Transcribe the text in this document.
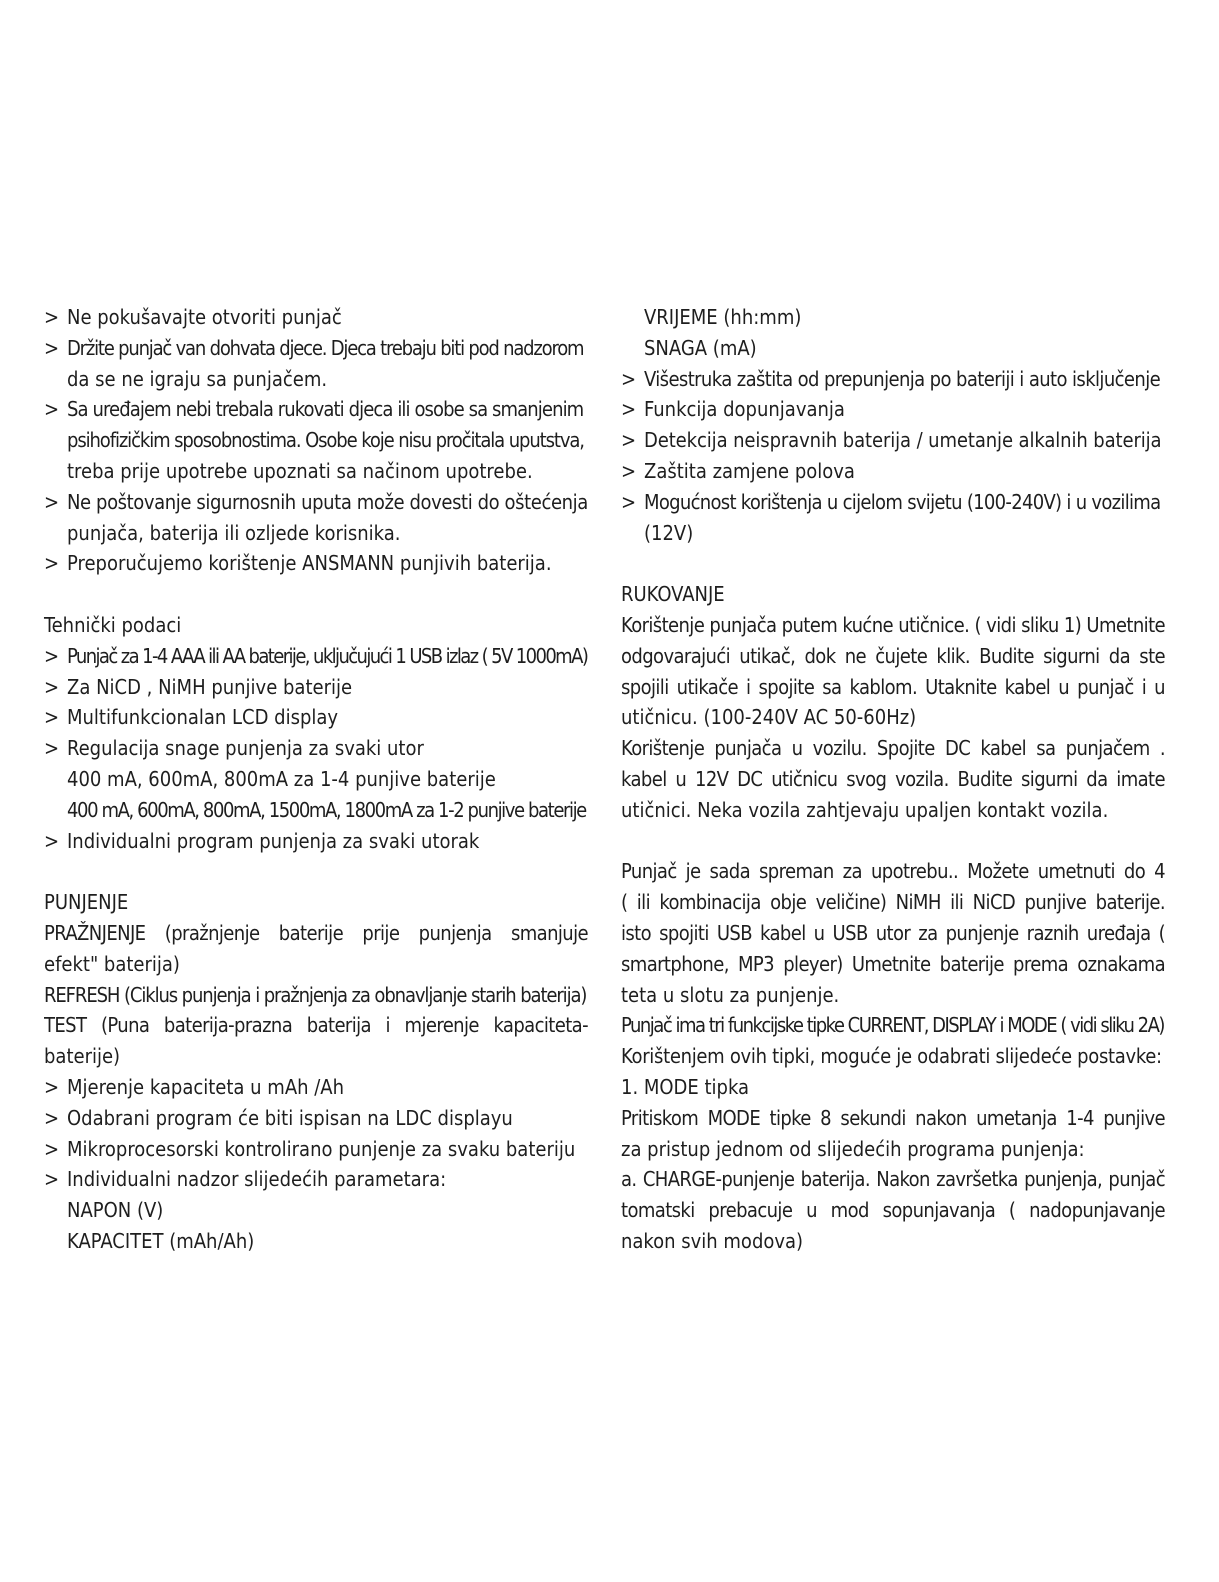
> Ne pokušavajte otvoriti punjač
> Držite punjač van dohvata djece. Djeca trebaju biti pod nadzorom
da se ne igraju sa punjačem.
> Sa uređajem nebi trebala rukovati djeca ili osobe sa smanjenim
psihofizičkim sposobnostima. Osobe koje nisu pročitala uputstva,
treba prije upotrebe upoznati sa načinom upotrebe.
> Ne poštovanje sigurnosnih uputa može dovesti do oštećenja
punjača, baterija ili ozljede korisnika.
> Preporučujemo korištenje ANSMANN punjivih baterija.
Tehnički podaci
> Punjač za 1-4 AAA ili AA baterije, uključujući 1 USB izlaz ( 5V 1000mA)
> Za NiCD , NiMH punjive baterije
> Multifunkcionalan LCD display
> Regulacija snage punjenja za svaki utor
400 mA, 600mA, 800mA za 1-4 punjive baterije
400 mA, 600mA, 800mA, 1500mA, 1800mA za 1-2 punjive baterije
> Individualni program punjenja za svaki utorak
PUNJENJE
PRAŽNJENJE (pražnjenje baterije prije punjenja smanjuje
efekt" baterija)
REFRESH (Ciklus punjenja i pražnjenja za obnavljanje starih baterija)
TEST (Puna baterija-prazna baterija i mjerenje kapaciteta-
baterije)
> Mjerenje kapaciteta u mAh /Ah
> Odabrani program će biti ispisan na LDC displayu
> Mikroprocesorski kontrolirano punjenje za svaku bateriju
> Individualni nadzor slijedećih parametara:
NAPON (V)
KAPACITET (mAh/Ah)
VRIJEME (hh:mm)
SNAGA (mA)
> Višestruka zaštita od prepunjenja po bateriji i auto isključenje
> Funkcija dopunjavanja
> Detekcija neispravnih baterija / umetanje alkalnih baterija
> Zaštita zamjene polova
> Mogućnost korištenja u cijelom svijetu (100-240V) i u vozilima
(12V)
RUKOVANJE
Korištenje punjača putem kućne utičnice. ( vidi sliku 1) Umetnite
odgovarajući utikač, dok ne čujete klik. Budite sigurni da ste
spojili utikače i spojite sa kablom. Utaknite kabel u punjač i u
utičnicu. (100-240V AC 50-60Hz)
Korištenje punjača u vozilu. Spojite DC kabel sa punjačem .
kabel u 12V DC utičnicu svog vozila. Budite sigurni da imate
utičnici. Neka vozila zahtjevaju upaljen kontakt vozila.
Punjač je sada spreman za upotrebu.. Možete umetnuti do 4
( ili kombinacija obje veličine) NiMH ili NiCD punjive baterije.
isto spojiti USB kabel u USB utor za punjenje raznih uređaja (
smartphone, MP3 pleyer) Umetnite baterije prema oznakama
teta u slotu za punjenje.
Punjač ima tri funkcijske tipke CURRENT, DISPLAY i MODE ( vidi sliku 2A)
Korištenjem ovih tipki, moguće je odabrati slijedeće postavke:
1. MODE tipka
Pritiskom MODE tipke 8 sekundi nakon umetanja 1-4 punjive
za pristup jednom od slijedećih programa punjenja:
a. CHARGE-punjenje baterija. Nakon završetka punjenja, punjač
tomatski prebacuje u mod sopunjavanja ( nadopunjavanje
nakon svih modova)
